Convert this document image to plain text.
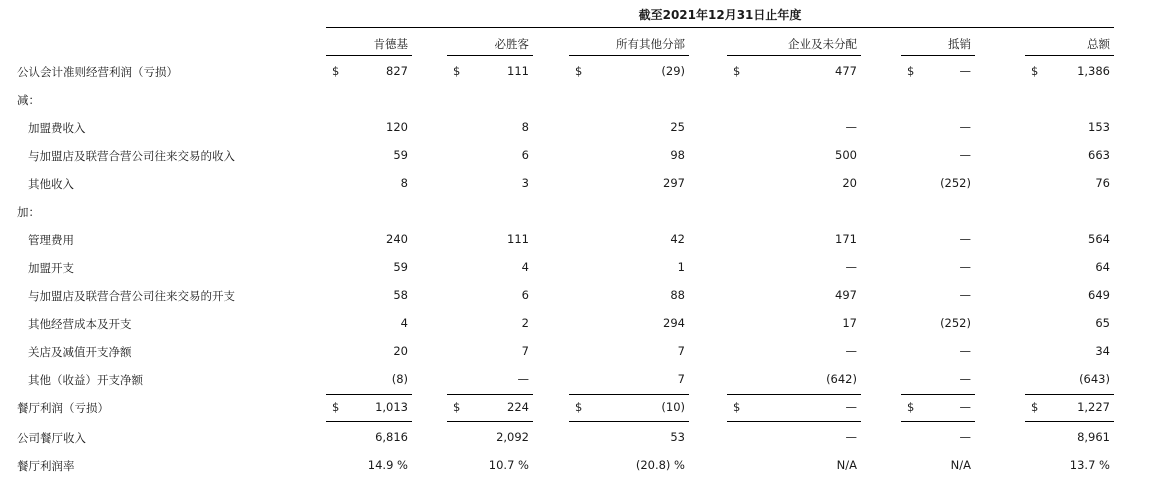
截至2021年12月31日止年度
肯德基	必胜客	所有其他分部	企业及未分配	抵销	总额
公认会计准则经营利润（亏损）	$	827	$	111	$	(29)	$	477	$	—	$	1,386
减：
加盟费收入	120	8	25	—	—	153
与加盟店及联营合营公司往来交易的收入	59	6	98	500	—	663
其他收入	8	3	297	20	(252)	76
加：
管理费用	240	111	42	171	—	564
加盟开支	59	4	1	—	—	64
与加盟店及联营合营公司往来交易的开支	58	6	88	497	—	649
其他经营成本及开支	4	2	294	17	(252)	65
关店及减值开支净额	20	7	7	—	—	34
其他（收益）开支净额	(8)	—	7	(642)	—	(643)
餐厅利润（亏损）	$	1,013	$	224	$	(10)	$	—	$	—	$	1,227
公司餐厅收入	6,816	2,092	53	—	—	8,961
餐厅利润率	14.9 %	10.7 %	(20.8) %	N/A	N/A	13.7 %
